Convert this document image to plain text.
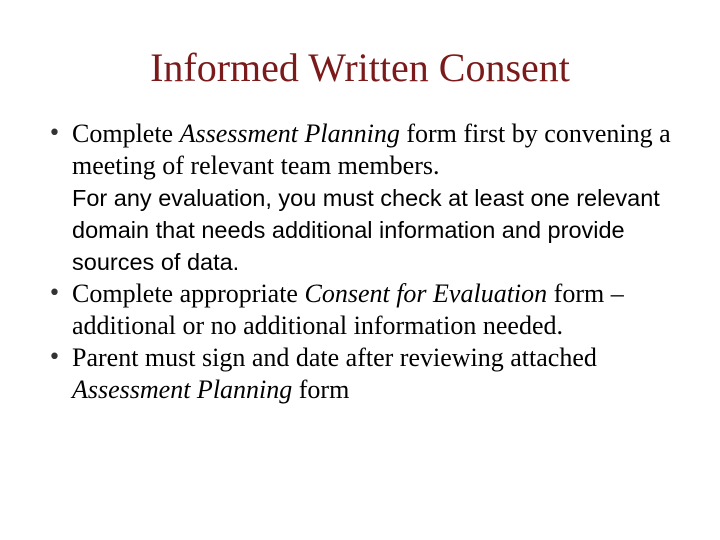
Informed Written Consent
• Complete Assessment Planning form first by convening a meeting of relevant team members.
For any evaluation, you must check at least one relevant domain that needs additional information and provide sources of data.
• Complete appropriate Consent for Evaluation form – additional or no additional information needed.
• Parent must sign and date after reviewing attached Assessment Planning form
